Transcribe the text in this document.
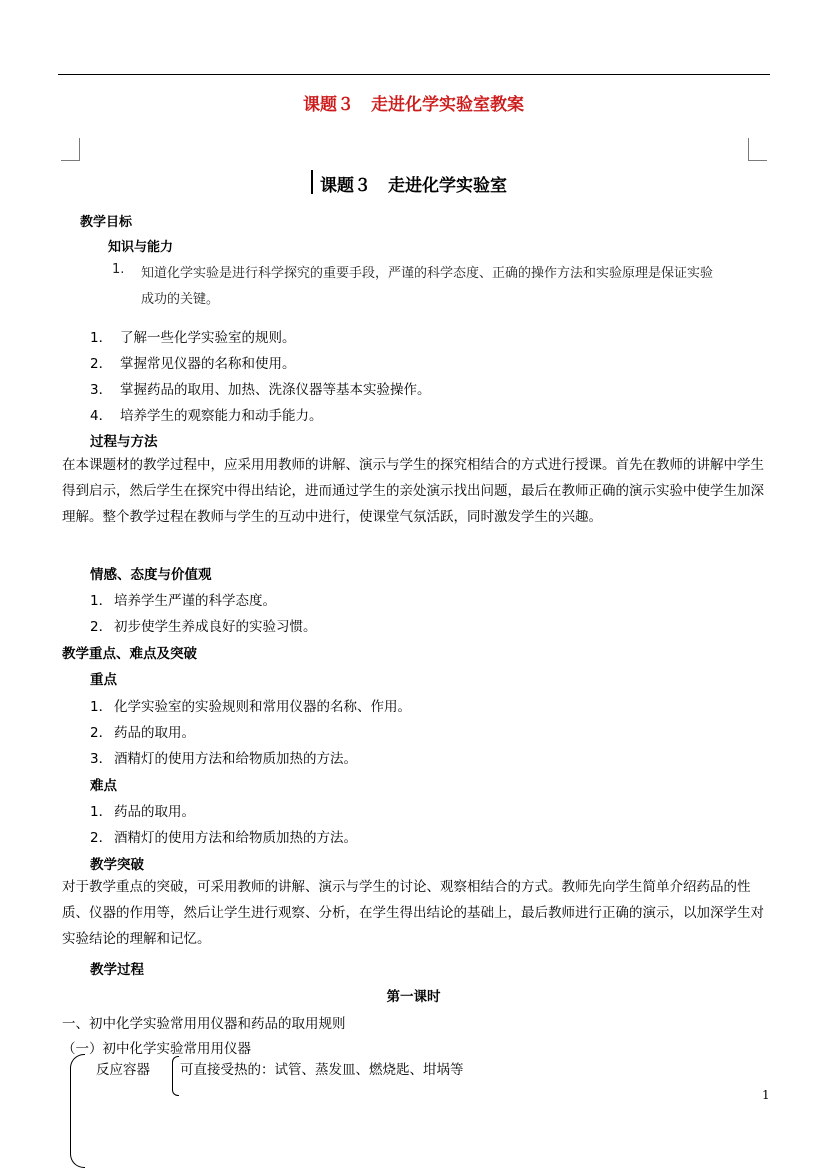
课题３　走进化学实验室教案
课题３　走进化学实验室
教学目标
知识与能力
1. 知道化学实验是进行科学探究的重要手段，严谨的科学态度、正确的操作方法和实验原理是保证实验
成功的关键。
1． 了解一些化学实验室的规则。
2． 掌握常见仪器的名称和使用。
3． 掌握药品的取用、加热、洗涤仪器等基本实验操作。
4． 培养学生的观察能力和动手能力。
过程与方法
在本课题材的教学过程中，应采用用教师的讲解、演示与学生的探究相结合的方式进行授课。首先在教师的讲解中学生得到启示，然后学生在探究中得出结论，进而通过学生的亲处演示找出问题，最后在教师正确的演示实验中使学生加深理解。整个教学过程在教师与学生的互动中进行，使课堂气氛活跃，同时激发学生的兴趣。
情感、态度与价值观
1． 培养学生严谨的科学态度。
2． 初步使学生养成良好的实验习惯。
教学重点、难点及突破
重点
1． 化学实验室的实验规则和常用仪器的名称、作用。
2． 药品的取用。
3． 酒精灯的使用方法和给物质加热的方法。
难点
1． 药品的取用。
2． 酒精灯的使用方法和给物质加热的方法。
教学突破
对于教学重点的突破，可采用教师的讲解、演示与学生的讨论、观察相结合的方式。教师先向学生简单介绍药品的性质、仪器的作用等，然后让学生进行观察、分析，在学生得出结论的基础上，最后教师进行正确的演示，以加深学生对实验结论的理解和记忆。
教学过程
第一课时
一、初中化学实验常用用仪器和药品的取用规则
（一）初中化学实验常用用仪器
反应容器 可直接受热的：试管、蒸发皿、燃烧匙、坩埚等
1
